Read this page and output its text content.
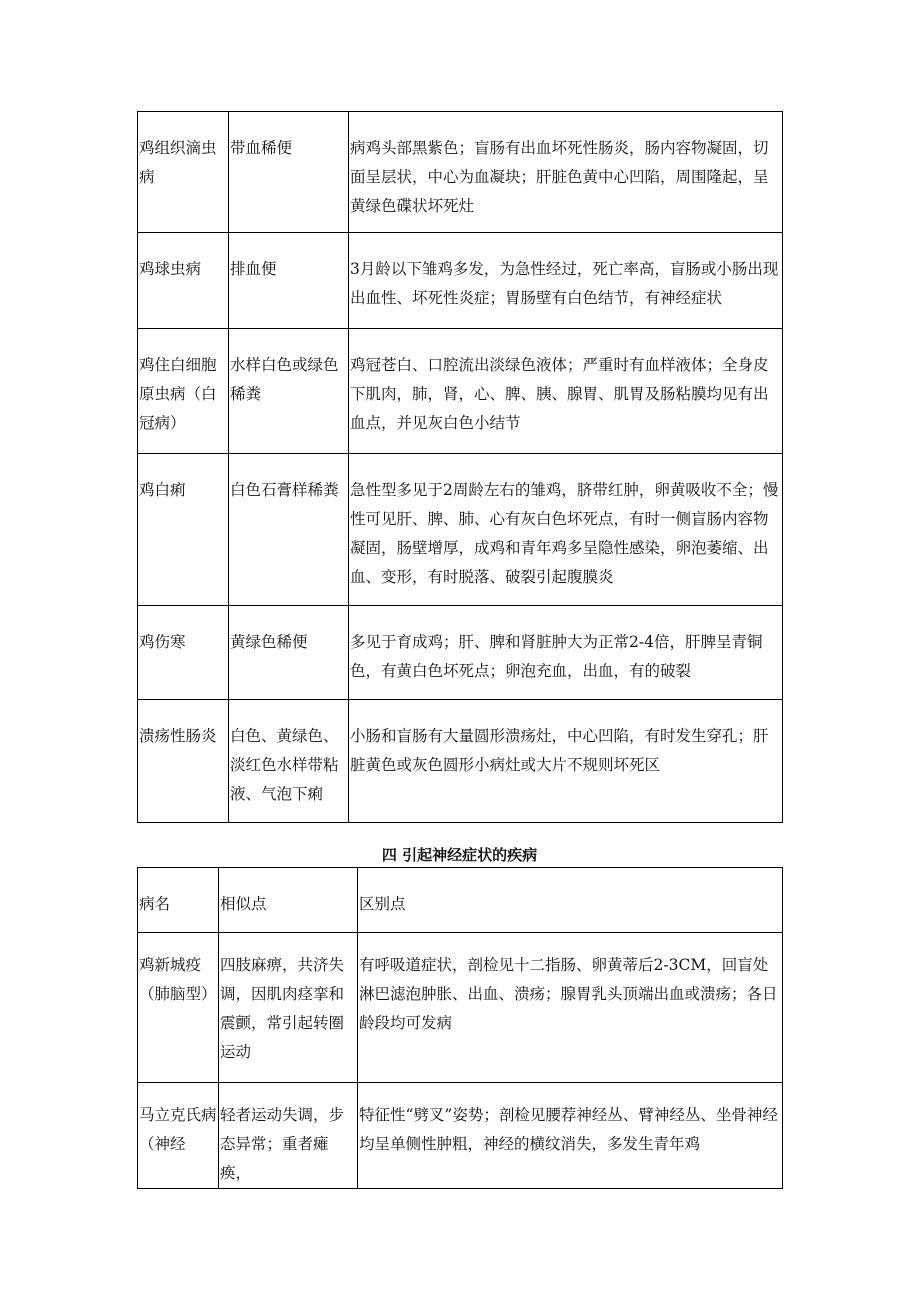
鸡组织滴虫病	带血稀便	病鸡头部黑紫色；盲肠有出血坏死性肠炎，肠内容物凝固，切面呈层状，中心为血凝块；肝脏色黄中心凹陷，周围隆起，呈黄绿色碟状坏死灶
鸡球虫病	排血便	3月龄以下雏鸡多发，为急性经过，死亡率高，盲肠或小肠出现出血性、坏死性炎症；胃肠壁有白色结节，有神经症状
鸡住白细胞原虫病（白冠病）	水样白色或绿色稀粪	鸡冠苍白、口腔流出淡绿色液体；严重时有血样液体；全身皮下肌肉，肺，肾，心、脾、胰、腺胃、肌胃及肠粘膜均见有出血点，并见灰白色小结节
鸡白痢	白色石膏样稀粪	急性型多见于2周龄左右的雏鸡，脐带红肿，卵黄吸收不全；慢性可见肝、脾、肺、心有灰白色坏死点，有时一侧盲肠内容物凝固，肠壁增厚，成鸡和青年鸡多呈隐性感染，卵泡萎缩、出血、变形，有时脱落、破裂引起腹膜炎
鸡伤寒	黄绿色稀便	多见于育成鸡；肝、脾和肾脏肿大为正常2-4倍，肝脾呈青铜色，有黄白色坏死点；卵泡充血，出血，有的破裂
溃疡性肠炎	白色、黄绿色、淡红色水样带粘液、气泡下痢	小肠和盲肠有大量圆形溃疡灶，中心凹陷，有时发生穿孔；肝脏黄色或灰色圆形小病灶或大片不规则坏死区
四 引起神经症状的疾病
病名	相似点	区别点
鸡新城疫（肺脑型）	四肢麻痹，共济失调，因肌肉痉挛和震颤，常引起转圈运动	有呼吸道症状，剖检见十二指肠、卵黄蒂后2-3CM，回盲处淋巴滤泡肿胀、出血、溃疡；腺胃乳头顶端出血或溃疡；各日龄段均可发病
马立克氏病（神经	轻者运动失调，步态异常；重者瘫痪，	特征性“劈叉”姿势；剖检见腰荐神经丛、臂神经丛、坐骨神经均呈单侧性肿粗，神经的横纹消失，多发生青年鸡
